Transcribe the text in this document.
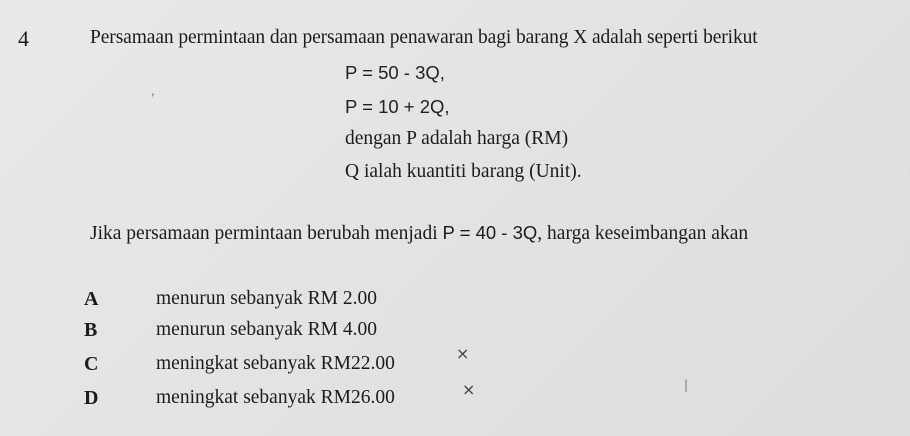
4	Persamaan permintaan dan persamaan penawaran bagi barang X adalah seperti berikut
P = 50 - 3Q,
P = 10 + 2Q,
dengan P adalah harga (RM)
Q ialah kuantiti barang (Unit).
Jika persamaan permintaan berubah menjadi P = 40 - 3Q, harga keseimbangan akan
A	menurun sebanyak RM 2.00
B	menurun sebanyak RM 4.00
C	meningkat sebanyak RM22.00
D	meningkat sebanyak RM26.00
×
×
,
|
